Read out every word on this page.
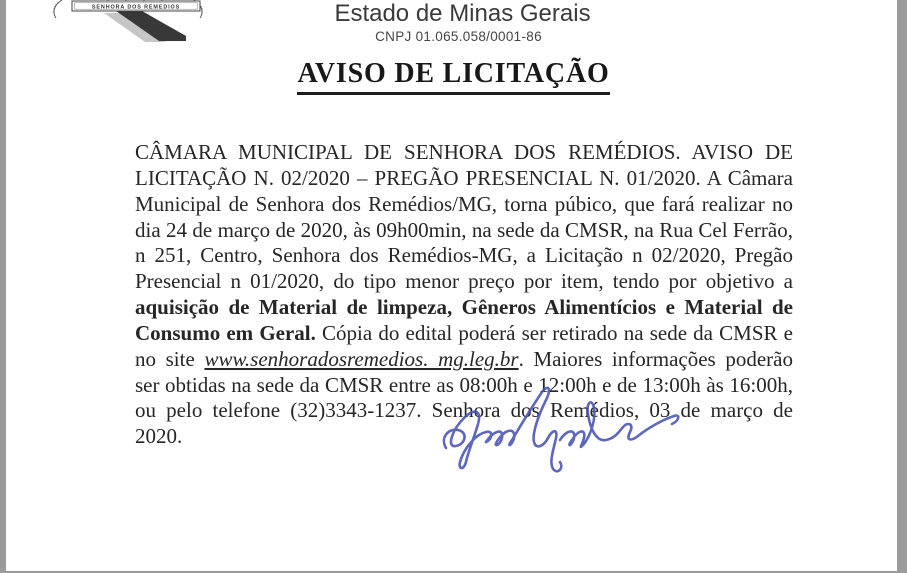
SENHORA DOS REMEDIOS	Estado de Minas Gerais
CNPJ 01.065.058/0001-86
AVISO DE LICITAÇÃO

CÂMARA MUNICIPAL DE SENHORA DOS REMÉDIOS. AVISO DE LICITAÇÃO N. 02/2020 – PREGÃO PRESENCIAL N. 01/2020. A Câmara Municipal de Senhora dos Remédios/MG, torna púbico, que fará realizar no dia 24 de março de 2020, às 09h00min, na sede da CMSR, na Rua Cel Ferrão, n 251, Centro, Senhora dos Remédios-MG, a Licitação n 02/2020, Pregão Presencial n 01/2020, do tipo menor preço por item, tendo por objetivo a aquisição de Material de limpeza, Gêneros Alimentícios e Material de Consumo em Geral. Cópia do edital poderá ser retirado na sede da CMSR e no site www.senhoradosremedios. mg.leg.br. Maiores informações poderão ser obtidas na sede da CMSR entre as 08:00h e 12:00h e de 13:00h às 16:00h, ou pelo telefone (32)3343-1237. Senhora dos Remédios, 03 de março de 2020.
